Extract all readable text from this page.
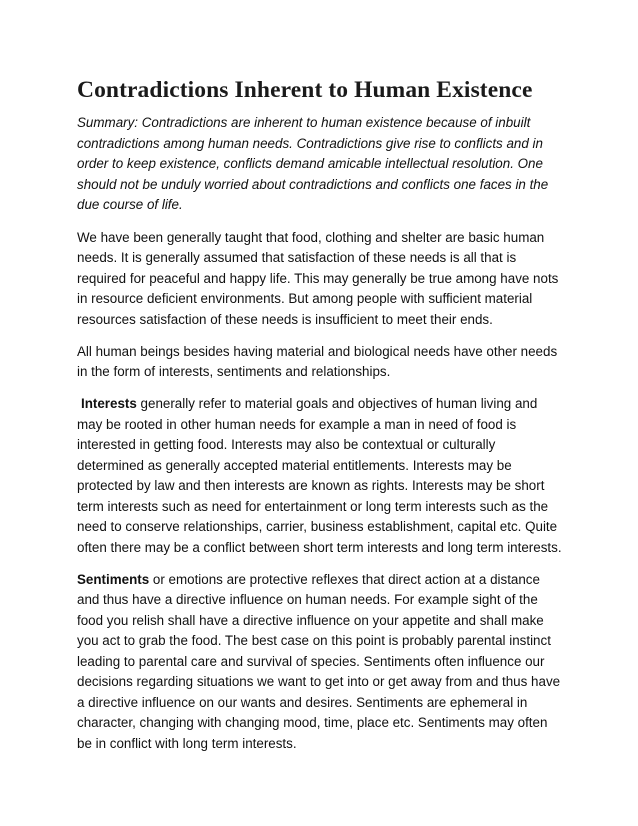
Contradictions Inherent to Human Existence

Summary: Contradictions are inherent to human existence because of inbuilt contradictions among human needs. Contradictions give rise to conflicts and in order to keep existence, conflicts demand amicable intellectual resolution. One should not be unduly worried about contradictions and conflicts one faces in the due course of life.

We have been generally taught that food, clothing and shelter are basic human needs. It is generally assumed that satisfaction of these needs is all that is required for peaceful and happy life. This may generally be true among have nots in resource deficient environments. But among people with sufficient material resources satisfaction of these needs is insufficient to meet their ends.

All human beings besides having material and biological needs have other needs in the form of interests, sentiments and relationships.

Interests generally refer to material goals and objectives of human living and may be rooted in other human needs for example a man in need of food is interested in getting food. Interests may also be contextual or culturally determined as generally accepted material entitlements. Interests may be protected by law and then interests are known as rights. Interests may be short term interests such as need for entertainment or long term interests such as the need to conserve relationships, carrier, business establishment, capital etc. Quite often there may be a conflict between short term interests and long term interests.

Sentiments or emotions are protective reflexes that direct action at a distance and thus have a directive influence on human needs. For example sight of the food you relish shall have a directive influence on your appetite and shall make you act to grab the food. The best case on this point is probably parental instinct leading to parental care and survival of species. Sentiments often influence our decisions regarding situations we want to get into or get away from and thus have a directive influence on our wants and desires. Sentiments are ephemeral in character, changing with changing mood, time, place etc. Sentiments may often be in conflict with long term interests.
